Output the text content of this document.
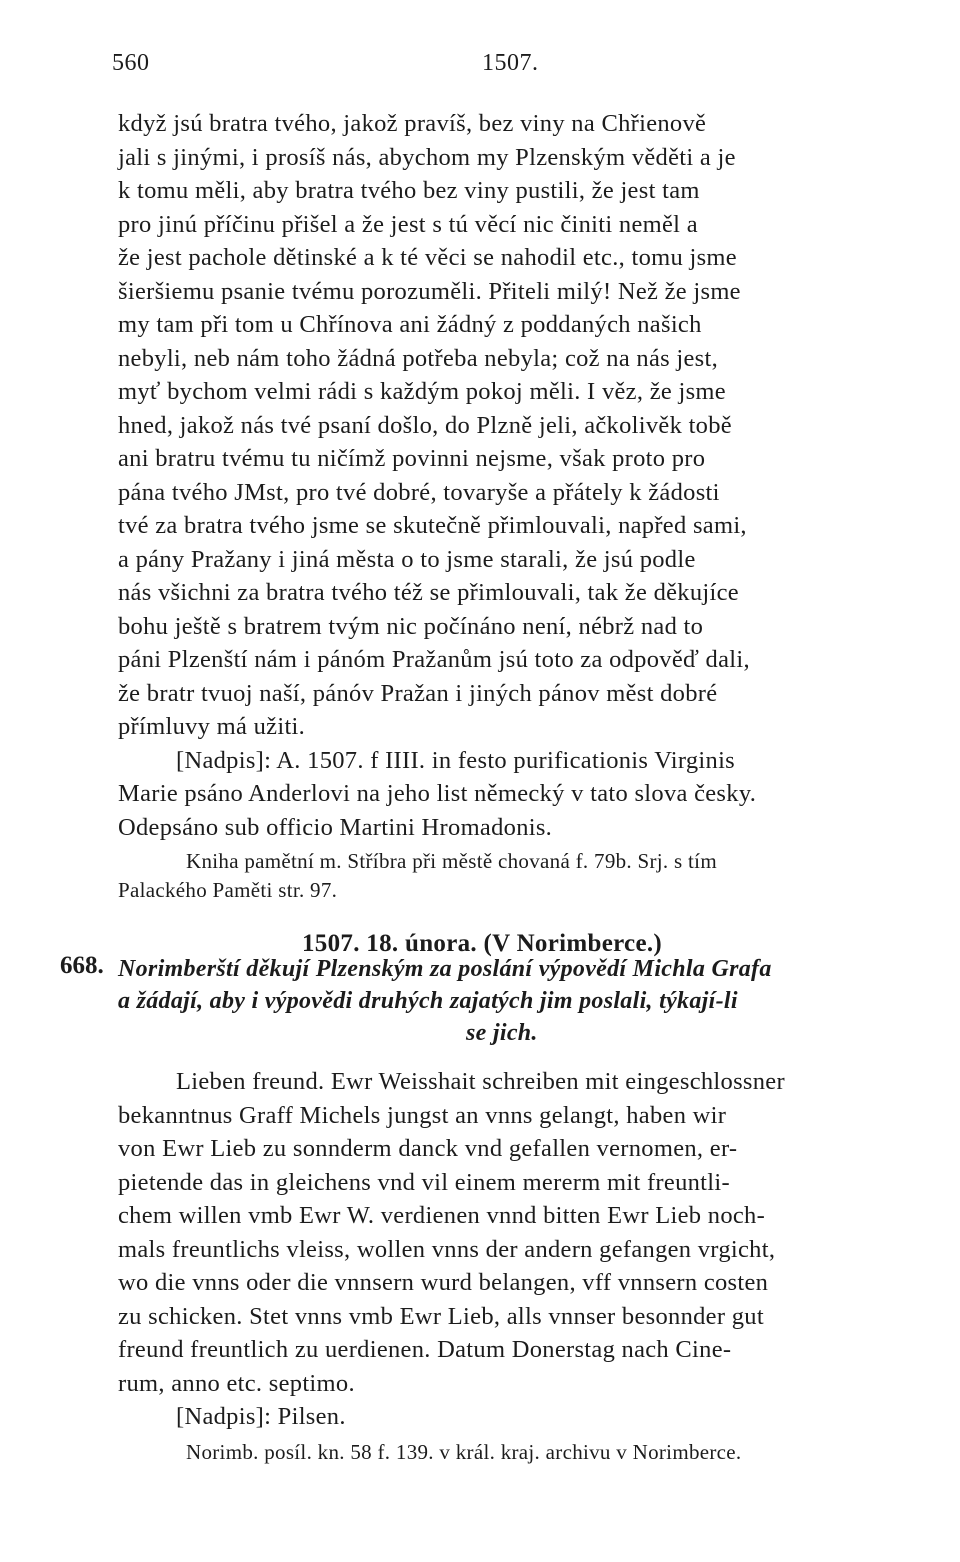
560	1507.
když jsú bratra tvého, jakož pravíš, bez viny na Chřienově
jali s jinými, i prosíš nás, abychom my Plzenským věděti a je
k tomu měli, aby bratra tvého bez viny pustili, že jest tam
pro jinú příčinu přišel a že jest s tú věcí nic činiti neměl a
že jest pachole dětinské a k té věci se nahodil etc., tomu jsme
šieršiemu psanie tvému porozuměli. Přiteli milý! Než že jsme
my tam při tom u Chřínova ani žádný z poddaných našich
nebyli, neb nám toho žádná potřeba nebyla; což na nás jest,
myť bychom velmi rádi s každým pokoj měli. I věz, že jsme
hned, jakož nás tvé psaní došlo, do Plzně jeli, ačkolivěk tobě
ani bratru tvému tu ničímž povinni nejsme, však proto pro
pána tvého JMst, pro tvé dobré, tovaryše a přátely k žádosti
tvé za bratra tvého jsme se skutečně přimlouvali, napřed sami,
a pány Pražany i jiná města o to jsme starali, že jsú podle
nás všichni za bratra tvého též se přimlouvali, tak že děkujíce
bohu ještě s bratrem tvým nic počínáno není, nébrž nad to
páni Plzenští nám i pánóm Pražanům jsú toto za odpověď dali,
že bratr tvuoj naší, pánóv Pražan i jiných pánov měst dobré
přímluvy má užiti.
[Nadpis]: A. 1507. f IIII. in festo purificationis Virginis
Marie psáno Anderlovi na jeho list německý v tato slova česky.
Odepsáno sub officio Martini Hromadonis.
Kniha pamětní m. Stříbra při městě chovaná f. 79b. Srj. s tím
Palackého Paměti str. 97.
1507. 18. února. (V Norimberce.)
668. Norimberští děkují Plzenským za poslání výpovědí Michla Grafa
a žádají, aby i výpovědi druhých zajatých jim poslali, týkají-li
se jich.
Lieben freund. Ewr Weisshait schreiben mit eingeschlossner
bekanntnus Graff Michels jungst an vnns gelangt, haben wir
von Ewr Lieb zu sonnderm danck vnd gefallen vernomen, er-
pietende das in gleichens vnd vil einem mererm mit freuntli-
chem willen vmb Ewr W. verdienen vnnd bitten Ewr Lieb noch-
mals freuntlichs vleiss, wollen vnns der andern gefangen vrgicht,
wo die vnns oder die vnnsern wurd belangen, vff vnnsern costen
zu schicken. Stet vnns vmb Ewr Lieb, alls vnnser besonnder gut
freund freuntlich zu uerdienen. Datum Donerstag nach Cine-
rum, anno etc. septimo.
[Nadpis]: Pilsen.
Norimb. posíl. kn. 58 f. 139. v král. kraj. archivu v Norimberce.
